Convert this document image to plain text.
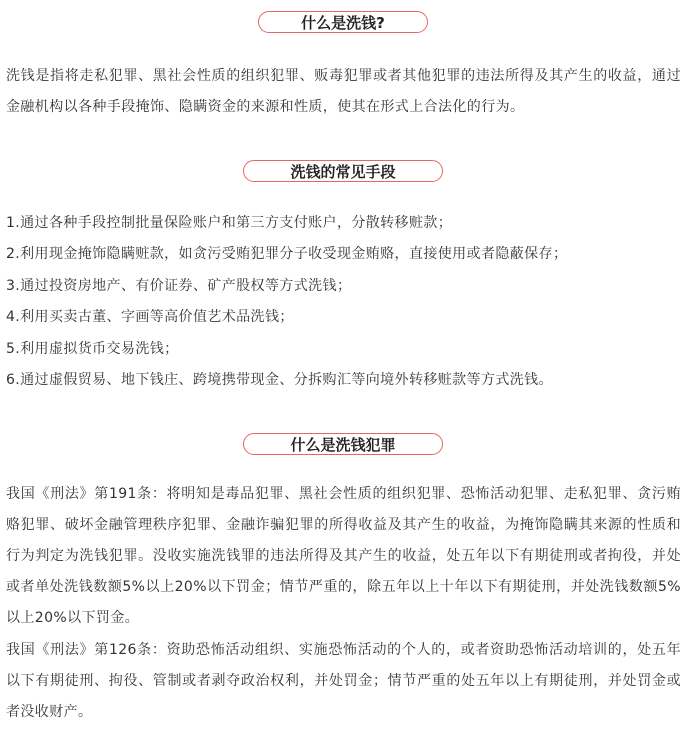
什么是洗钱?

洗钱是指将走私犯罪、黑社会性质的组织犯罪、贩毒犯罪或者其他犯罪的违法所得及其产生的收益，通过金融机构以各种手段掩饰、隐瞒资金的来源和性质，使其在形式上合法化的行为。

洗钱的常见手段
1.通过各种手段控制批量保险账户和第三方支付账户，分散转移赃款；
2.利用现金掩饰隐瞒赃款，如贪污受贿犯罪分子收受现金贿赂，直接使用或者隐蔽保存；
3.通过投资房地产、有价证券、矿产股权等方式洗钱；
4.利用买卖古董、字画等高价值艺术品洗钱；
5.利用虚拟货币交易洗钱；
6.通过虚假贸易、地下钱庄、跨境携带现金、分拆购汇等向境外转移赃款等方式洗钱。
什么是洗钱犯罪

我国《刑法》第191条：将明知是毒品犯罪、黑社会性质的组织犯罪、恐怖活动犯罪、走私犯罪、贪污贿赂犯罪、破坏金融管理秩序犯罪、金融诈骗犯罪的所得收益及其产生的收益，为掩饰隐瞒其来源的性质和行为判定为洗钱犯罪。没收实施洗钱罪的违法所得及其产生的收益，处五年以下有期徒刑或者拘役，并处或者单处洗钱数额5%以上20%以下罚金；情节严重的，除五年以上十年以下有期徒刑，并处洗钱数额5%以上20%以下罚金。

我国《刑法》第126条：资助恐怖活动组织、实施恐怖活动的个人的，或者资助恐怖活动培训的，处五年以下有期徒刑、拘役、管制或者剥夺政治权利，并处罚金；情节严重的处五年以上有期徒刑，并处罚金或者没收财产。
